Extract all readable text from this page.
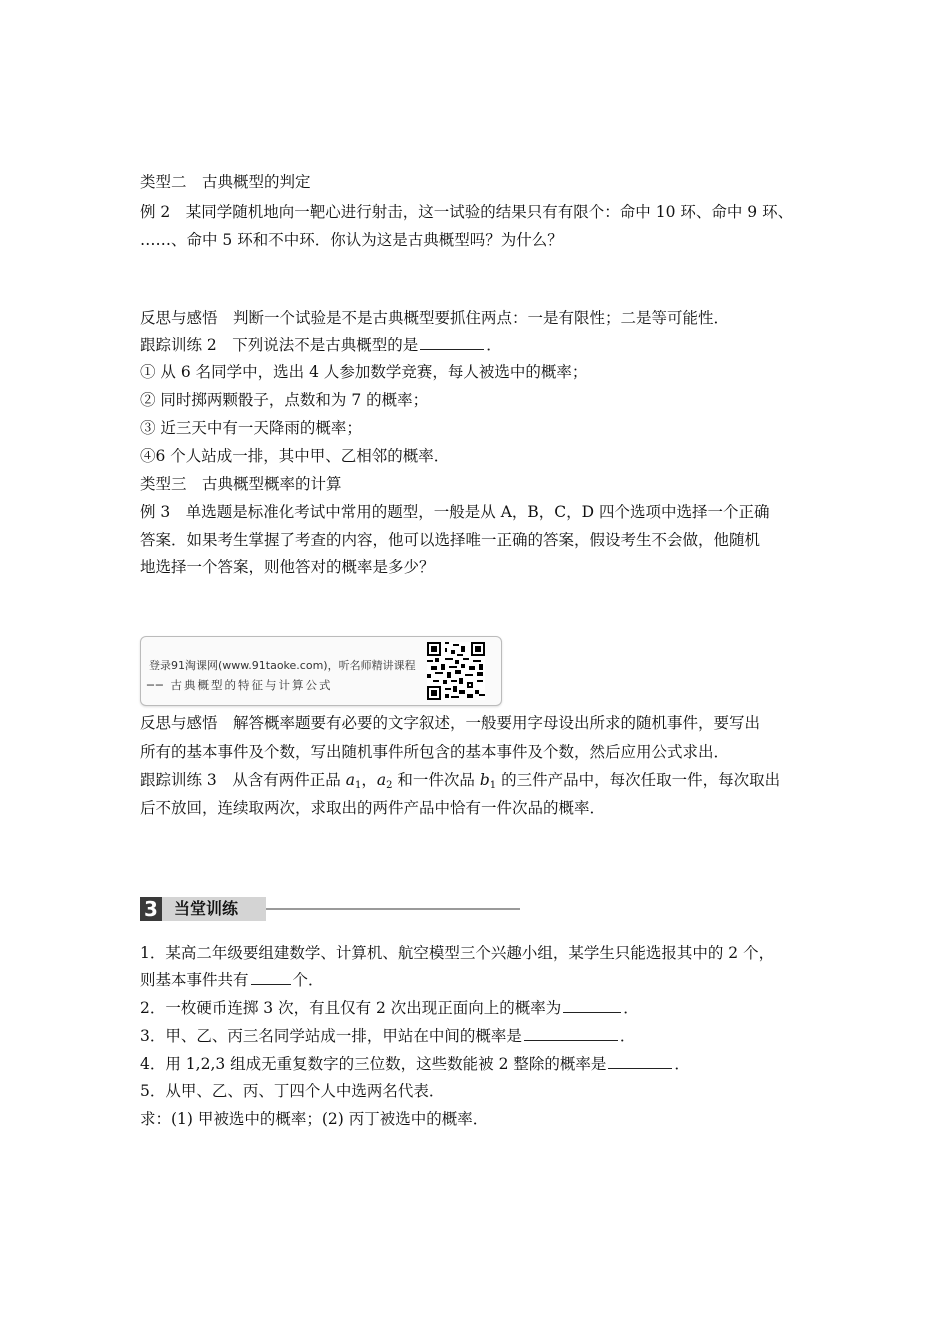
类型二　古典概型的判定
例 2　某同学随机地向一靶心进行射击，这一试验的结果只有有限个：命中 10 环、命中 9 环、
……、命中 5 环和不中环．你认为这是古典概型吗？为什么？
反思与感悟　判断一个试验是不是古典概型要抓住两点：一是有限性；二是等可能性．
跟踪训练 2　下列说法不是古典概型的是	．
① 从 6 名同学中，选出 4 人参加数学竞赛，每人被选中的概率；
② 同时掷两颗骰子，点数和为 7 的概率；
③ 近三天中有一天降雨的概率；
④6 个人站成一排，其中甲、乙相邻的概率．
类型三　古典概型概率的计算
例 3　单选题是标准化考试中常用的题型，一般是从 A，B，C，D 四个选项中选择一个正确
答案．如果考生掌握了考查的内容，他可以选择唯一正确的答案，假设考生不会做，他随机
地选择一个答案，则他答对的概率是多少？
登录91淘课网(www.91taoke.com)，听名师精讲课程
── 古典概型的特征与计算公式
反思与感悟　解答概率题要有必要的文字叙述，一般要用字母设出所求的随机事件，要写出
所有的基本事件及个数，写出随机事件所包含的基本事件及个数，然后应用公式求出．
跟踪训练 3　从含有两件正品 $a_1$，$a_2$ 和一件次品 $b_1$ 的三件产品中，每次任取一件，每次取出
后不放回，连续取两次，求取出的两件产品中恰有一件次品的概率．
3	当堂训练
1．某高二年级要组建数学、计算机、航空模型三个兴趣小组，某学生只能选报其中的 2 个，
则基本事件共有	个．
2．一枚硬币连掷 3 次，有且仅有 2 次出现正面向上的概率为	．
3．甲、乙、丙三名同学站成一排，甲站在中间的概率是	．
4．用 1,2,3 组成无重复数字的三位数，这些数能被 2 整除的概率是	．
5．从甲、乙、丙、丁四个人中选两名代表．
求：(1) 甲被选中的概率；(2) 丙丁被选中的概率．
